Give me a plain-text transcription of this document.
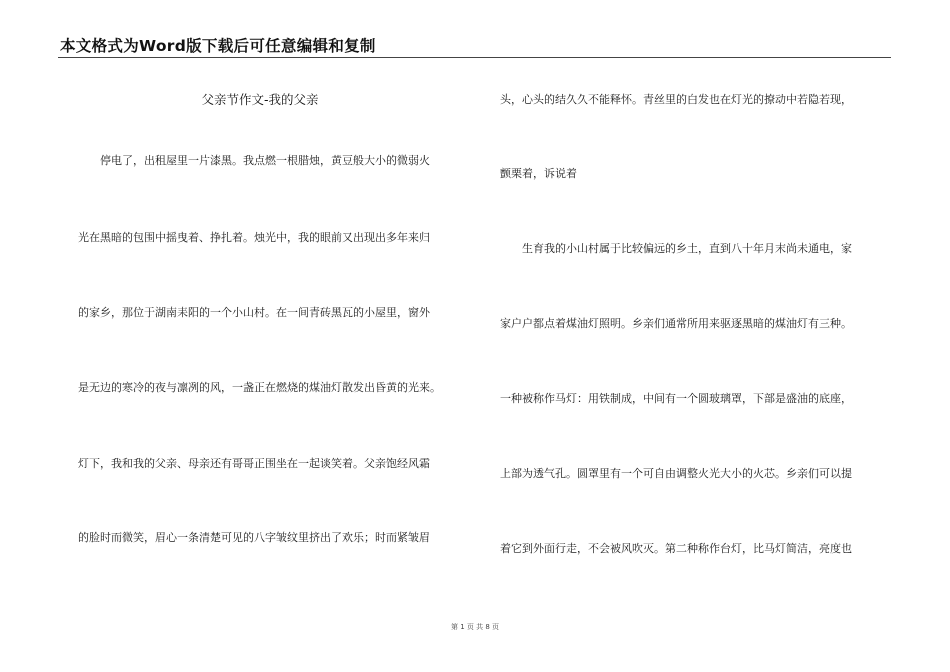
本文格式为Word版下载后可任意编辑和复制
父亲节作文-我的父亲
停电了，出租屋里一片漆黑。我点燃一根腊烛，黄豆般大小的微弱火
光在黑暗的包围中摇曳着、挣扎着。烛光中，我的眼前又出现出多年来归
的家乡，那位于湖南耒阳的一个小山村。在一间青砖黑瓦的小屋里，窗外
是无边的寒冷的夜与凛冽的风，一盏正在燃烧的煤油灯散发出昏黄的光来。
灯下，我和我的父亲、母亲还有哥哥正围坐在一起谈笑着。父亲饱经风霜
的脸时而微笑，眉心一条清楚可见的八字皱纹里挤出了欢乐；时而紧皱眉
头，心头的结久久不能释怀。青丝里的白发也在灯光的撩动中若隐若现，
颤栗着，诉说着
生育我的小山村属于比较偏远的乡土，直到八十年月末尚未通电，家
家户户都点着煤油灯照明。乡亲们通常所用来驱逐黑暗的煤油灯有三种。
一种被称作马灯：用铁制成，中间有一个圆玻璃罩，下部是盛油的底座，
上部为透气孔。圆罩里有一个可自由调整火光大小的火芯。乡亲们可以提
着它到外面行走，不会被风吹灭。第二种称作台灯，比马灯简洁，亮度也
第 1 页 共 8 页
